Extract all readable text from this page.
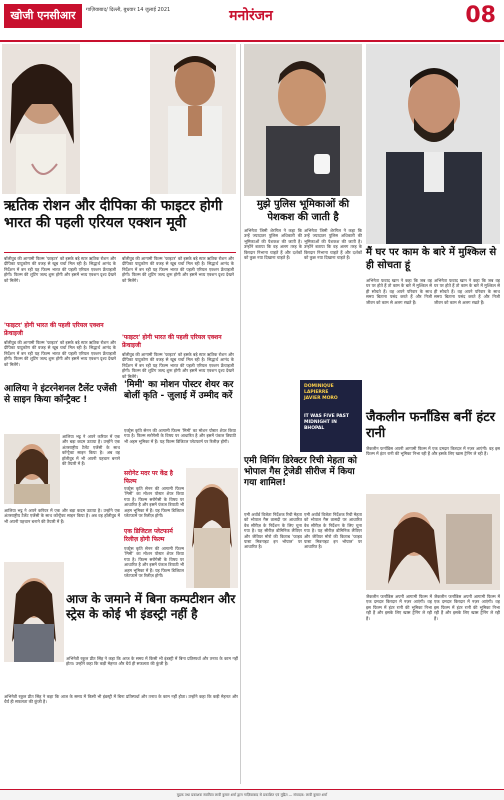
खोजी एनसीआर	गाज़ियाबाद/ दिल्ली, बुधवार 14 जुलाई 2021	मनोरंजन	08
ऋतिक रोशन और दीपिका की फाइटर होगी भारत की पहली एरियल एक्शन मूवी
बॉलीवुड की आगामी फिल्म 'फाइटर' को इसके बड़े स्टार ऋतिक रोशन और दीपिका पादुकोण की वजह से खूब चर्चा मिल रही है। सिद्धार्थ आनंद के निर्देशन में बन रही यह फिल्म भारत की पहली एरियल एक्शन फ्रेंचाइजी होगी। फिल्म की शूटिंग जल्द शुरू होगी और इसमें भव्य एक्शन दृश्य देखने को मिलेंगे।
'फाइटर' होगी भारत की पहली एरियल एक्शन फ्रेंचाइजी
बॉलीवुड की आगामी फिल्म 'फाइटर' को इसके बड़े स्टार ऋतिक रोशन और दीपिका पादुकोण की वजह से खूब चर्चा मिल रही है। सिद्धार्थ आनंद के निर्देशन में बन रही यह फिल्म भारत की पहली एरियल एक्शन फ्रेंचाइजी होगी। फिल्म की शूटिंग जल्द शुरू होगी और इसमें भव्य एक्शन दृश्य देखने को मिलेंगे।
बॉलीवुड की आगामी फिल्म 'फाइटर' को इसके बड़े स्टार ऋतिक रोशन और दीपिका पादुकोण की वजह से खूब चर्चा मिल रही है। सिद्धार्थ आनंद के निर्देशन में बन रही यह फिल्म भारत की पहली एरियल एक्शन फ्रेंचाइजी होगी। फिल्म की शूटिंग जल्द शुरू होगी और इसमें भव्य एक्शन दृश्य देखने को मिलेंगे।
'फाइटर' होगी भारत की पहली एरियल एक्शन फ्रेंचाइजी
बॉलीवुड की आगामी फिल्म 'फाइटर' को इसके बड़े स्टार ऋतिक रोशन और दीपिका पादुकोण की वजह से खूब चर्चा मिल रही है। सिद्धार्थ आनंद के निर्देशन में बन रही यह फिल्म भारत की पहली एरियल एक्शन फ्रेंचाइजी होगी। फिल्म की शूटिंग जल्द शुरू होगी और इसमें भव्य एक्शन दृश्य देखने को मिलेंगे।
आलिया ने इंटरनेशनल टैलेंट एजेंसी से साइन किया कॉन्ट्रैक्ट !
आलिया भट्ट ने अपने करियर में एक और बड़ा कदम उठाया है। उन्होंने एक अंतरराष्ट्रीय टैलेंट एजेंसी के साथ कॉन्ट्रैक्ट साइन किया है। अब वह हॉलीवुड में भी अपनी पहचान बनाने की तैयारी में हैं।
आलिया भट्ट ने अपने करियर में एक और बड़ा कदम उठाया है। उन्होंने एक अंतरराष्ट्रीय टैलेंट एजेंसी के साथ कॉन्ट्रैक्ट साइन किया है। अब वह हॉलीवुड में भी अपनी पहचान बनाने की तैयारी में हैं।
'मिमी' का मोशन पोस्टर शेयर कर बोलीं कृति - जुलाई में उम्मीद करें
एक्ट्रेस कृति सेनन की आगामी फिल्म 'मिमी' का मोशन पोस्टर शेयर किया गया है। फिल्म सरोगेसी के विषय पर आधारित है और इसमें पंकज त्रिपाठी भी अहम भूमिका में हैं। यह फिल्म डिजिटल प्लेटफार्म पर रिलीज़ होगी।
सरोगेट मदर पर केंद्र है फिल्म
एक्ट्रेस कृति सेनन की आगामी फिल्म 'मिमी' का मोशन पोस्टर शेयर किया गया है। फिल्म सरोगेसी के विषय पर आधारित है और इसमें पंकज त्रिपाठी भी अहम भूमिका में हैं। यह फिल्म डिजिटल प्लेटफार्म पर रिलीज़ होगी।
एक डिजिटल प्लेटफार्म रिलीज़ होगी फिल्म
एक्ट्रेस कृति सेनन की आगामी फिल्म 'मिमी' का मोशन पोस्टर शेयर किया गया है। फिल्म सरोगेसी के विषय पर आधारित है और इसमें पंकज त्रिपाठी भी अहम भूमिका में हैं। यह फिल्म डिजिटल प्लेटफार्म पर रिलीज़ होगी।
आज के जमाने में बिना कम्पटीशन और स्ट्रेस के कोई भी इंडस्ट्री नहीं है
अभिनेत्री रकुल प्रीत सिंह ने कहा कि आज के समय में किसी भी इंडस्ट्री में बिना प्रतिस्पर्धा और तनाव के काम नहीं होता। उन्होंने कहा कि कड़ी मेहनत और धैर्य ही सफलता की कुंजी है।
अभिनेत्री रकुल प्रीत सिंह ने कहा कि आज के समय में किसी भी इंडस्ट्री में बिना प्रतिस्पर्धा और तनाव के काम नहीं होता। उन्होंने कहा कि कड़ी मेहनत और धैर्य ही सफलता की कुंजी है।
मुझे पुलिस भूमिकाओं की पेशकश की जाती है
अभिनेता जिमी शेरगिल ने कहा कि उन्हें ज्यादातर पुलिस अधिकारी की भूमिकाओं की पेशकश की जाती है। उन्होंने बताया कि वह अलग तरह के किरदार निभाना चाहते हैं और दर्शकों को कुछ नया दिखाना चाहते हैं।
अभिनेता जिमी शेरगिल ने कहा कि उन्हें ज्यादातर पुलिस अधिकारी की भूमिकाओं की पेशकश की जाती है। उन्होंने बताया कि वह अलग तरह के किरदार निभाना चाहते हैं और दर्शकों को कुछ नया दिखाना चाहते हैं।	मैं घर पर काम के बारे में मुश्किल से ही सोचता हूं
अभिनेता फवाद खान ने कहा कि जब वह घर पर होते हैं तो काम के बारे में मुश्किल से ही सोचते हैं। वह अपने परिवार के साथ समय बिताना पसंद करते हैं और निजी जीवन को काम से अलग रखते हैं।
अभिनेता फवाद खान ने कहा कि जब वह घर पर होते हैं तो काम के बारे में मुश्किल से ही सोचते हैं। वह अपने परिवार के साथ समय बिताना पसंद करते हैं और निजी जीवन को काम से अलग रखते हैं।
DOMINIQUE
LAPIERRE
JAVIER MORO
IT WAS FIVE PAST MIDNIGHT IN BHOPAL
एमी विनिंग डिरेक्टर रिची मेहता को भोपाल गैस ट्रेजेडी सीरीज में किया गया शामिल!
एमी अवॉर्ड विजेता निर्देशक रिची मेहता को भोपाल गैस त्रासदी पर आधारित वेब सीरीज़ के निर्देशन के लिए चुना गया है। यह सीरीज़ डोमिनिक लैपिएर और जेवियर मोरो की किताब 'फाइव पास्ट मिडनाइट इन भोपाल' पर आधारित है।
एमी अवॉर्ड विजेता निर्देशक रिची मेहता को भोपाल गैस त्रासदी पर आधारित वेब सीरीज़ के निर्देशन के लिए चुना गया है। यह सीरीज़ डोमिनिक लैपिएर और जेवियर मोरो की किताब 'फाइव पास्ट मिडनाइट इन भोपाल' पर आधारित है।
जैकलीन फर्नांडिस बनीं हंटर रानी
जैकलीन फर्नांडिस अपनी आगामी फिल्म में एक दमदार किरदार में नज़र आएंगी। वह इस फिल्म में हंटर रानी की भूमिका निभा रही हैं और इसके लिए खास ट्रेनिंग ले रही हैं।
जैकलीन फर्नांडिस अपनी आगामी फिल्म में एक दमदार किरदार में नज़र आएंगी। वह इस फिल्म में हंटर रानी की भूमिका निभा रही हैं और इसके लिए खास ट्रेनिंग ले रही हैं।
जैकलीन फर्नांडिस अपनी आगामी फिल्म में एक दमदार किरदार में नज़र आएंगी। वह इस फिल्म में हंटर रानी की भूमिका निभा रही हैं और इसके लिए खास ट्रेनिंग ले रही हैं।
मुद्रक तथा प्रकाशक स्वामित्व लावी कुमार शर्मा द्वारा गाज़ियाबाद से प्रकाशित एवं मुद्रित — संपादक: लावी कुमार शर्मा
